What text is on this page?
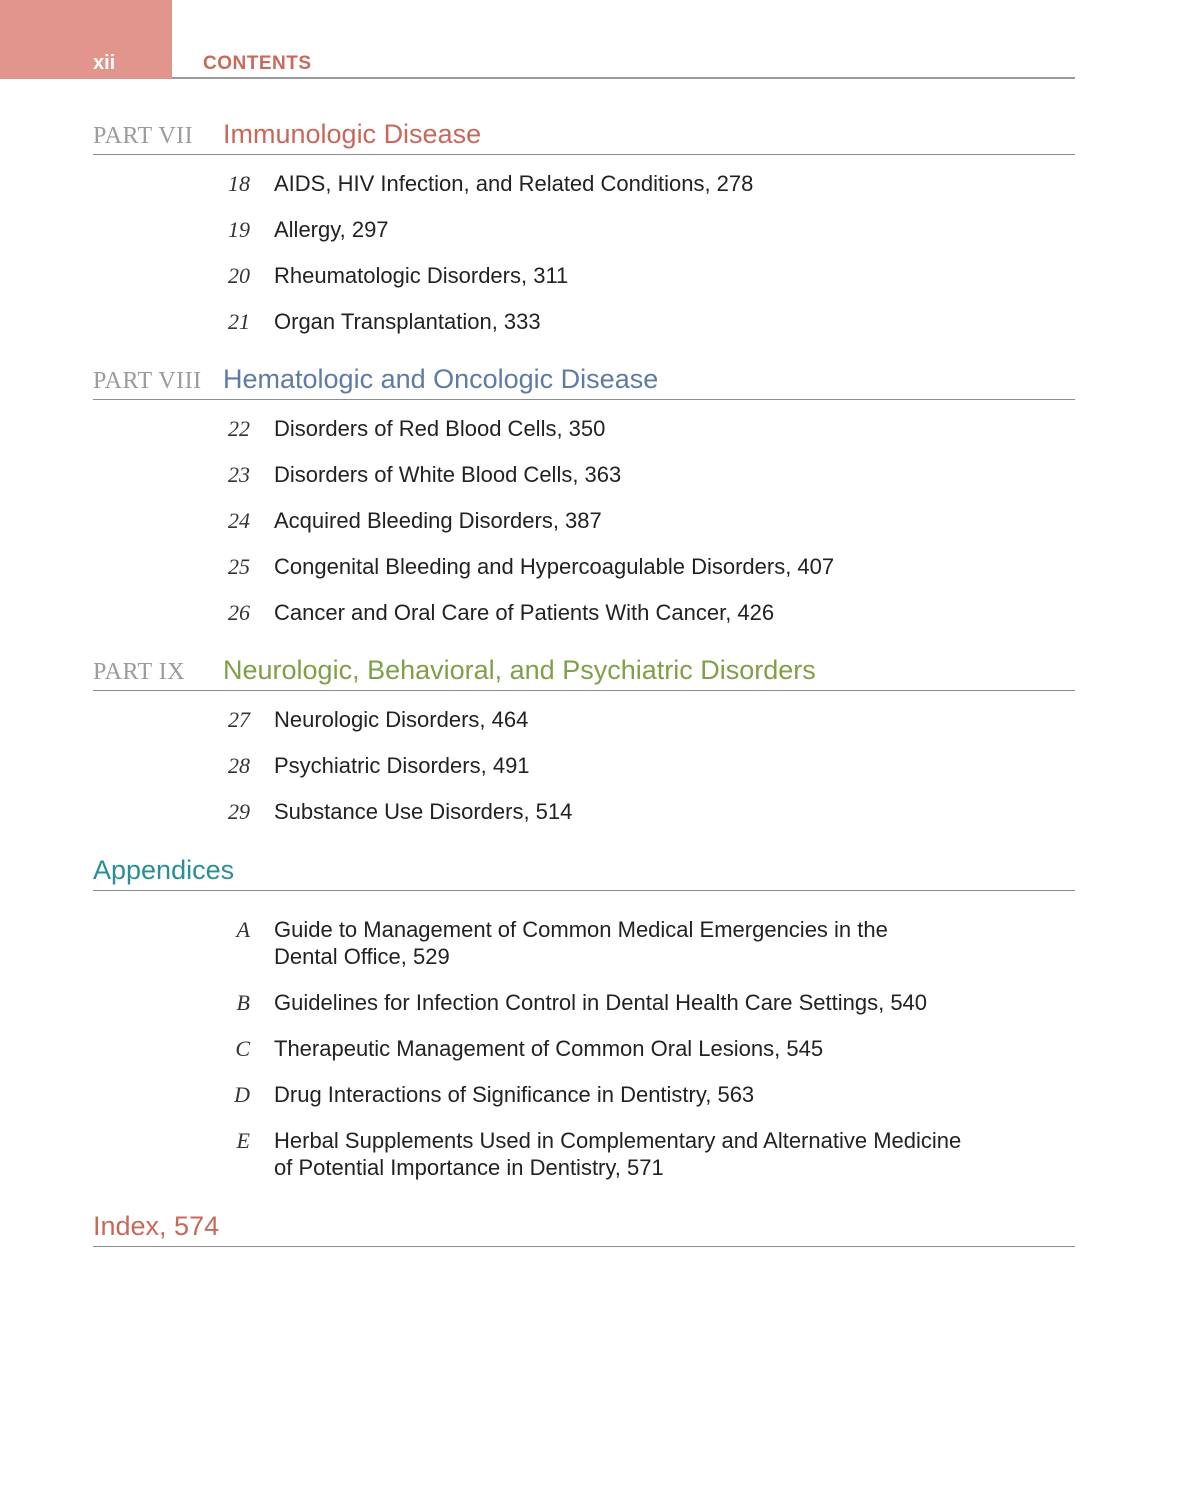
xii	CONTENTS
PART VII Immunologic Disease
18 AIDS, HIV Infection, and Related Conditions, 278
19 Allergy, 297
20 Rheumatologic Disorders, 311
21 Organ Transplantation, 333
PART VIII Hematologic and Oncologic Disease
22 Disorders of Red Blood Cells, 350
23 Disorders of White Blood Cells, 363
24 Acquired Bleeding Disorders, 387
25 Congenital Bleeding and Hypercoagulable Disorders, 407
26 Cancer and Oral Care of Patients With Cancer, 426
PART IX Neurologic, Behavioral, and Psychiatric Disorders
27 Neurologic Disorders, 464
28 Psychiatric Disorders, 491
29 Substance Use Disorders, 514
Appendices
A Guide to Management of Common Medical Emergencies in the
Dental Office, 529
B Guidelines for Infection Control in Dental Health Care Settings, 540
C Therapeutic Management of Common Oral Lesions, 545
D Drug Interactions of Significance in Dentistry, 563
E Herbal Supplements Used in Complementary and Alternative Medicine
of Potential Importance in Dentistry, 571
Index, 574
